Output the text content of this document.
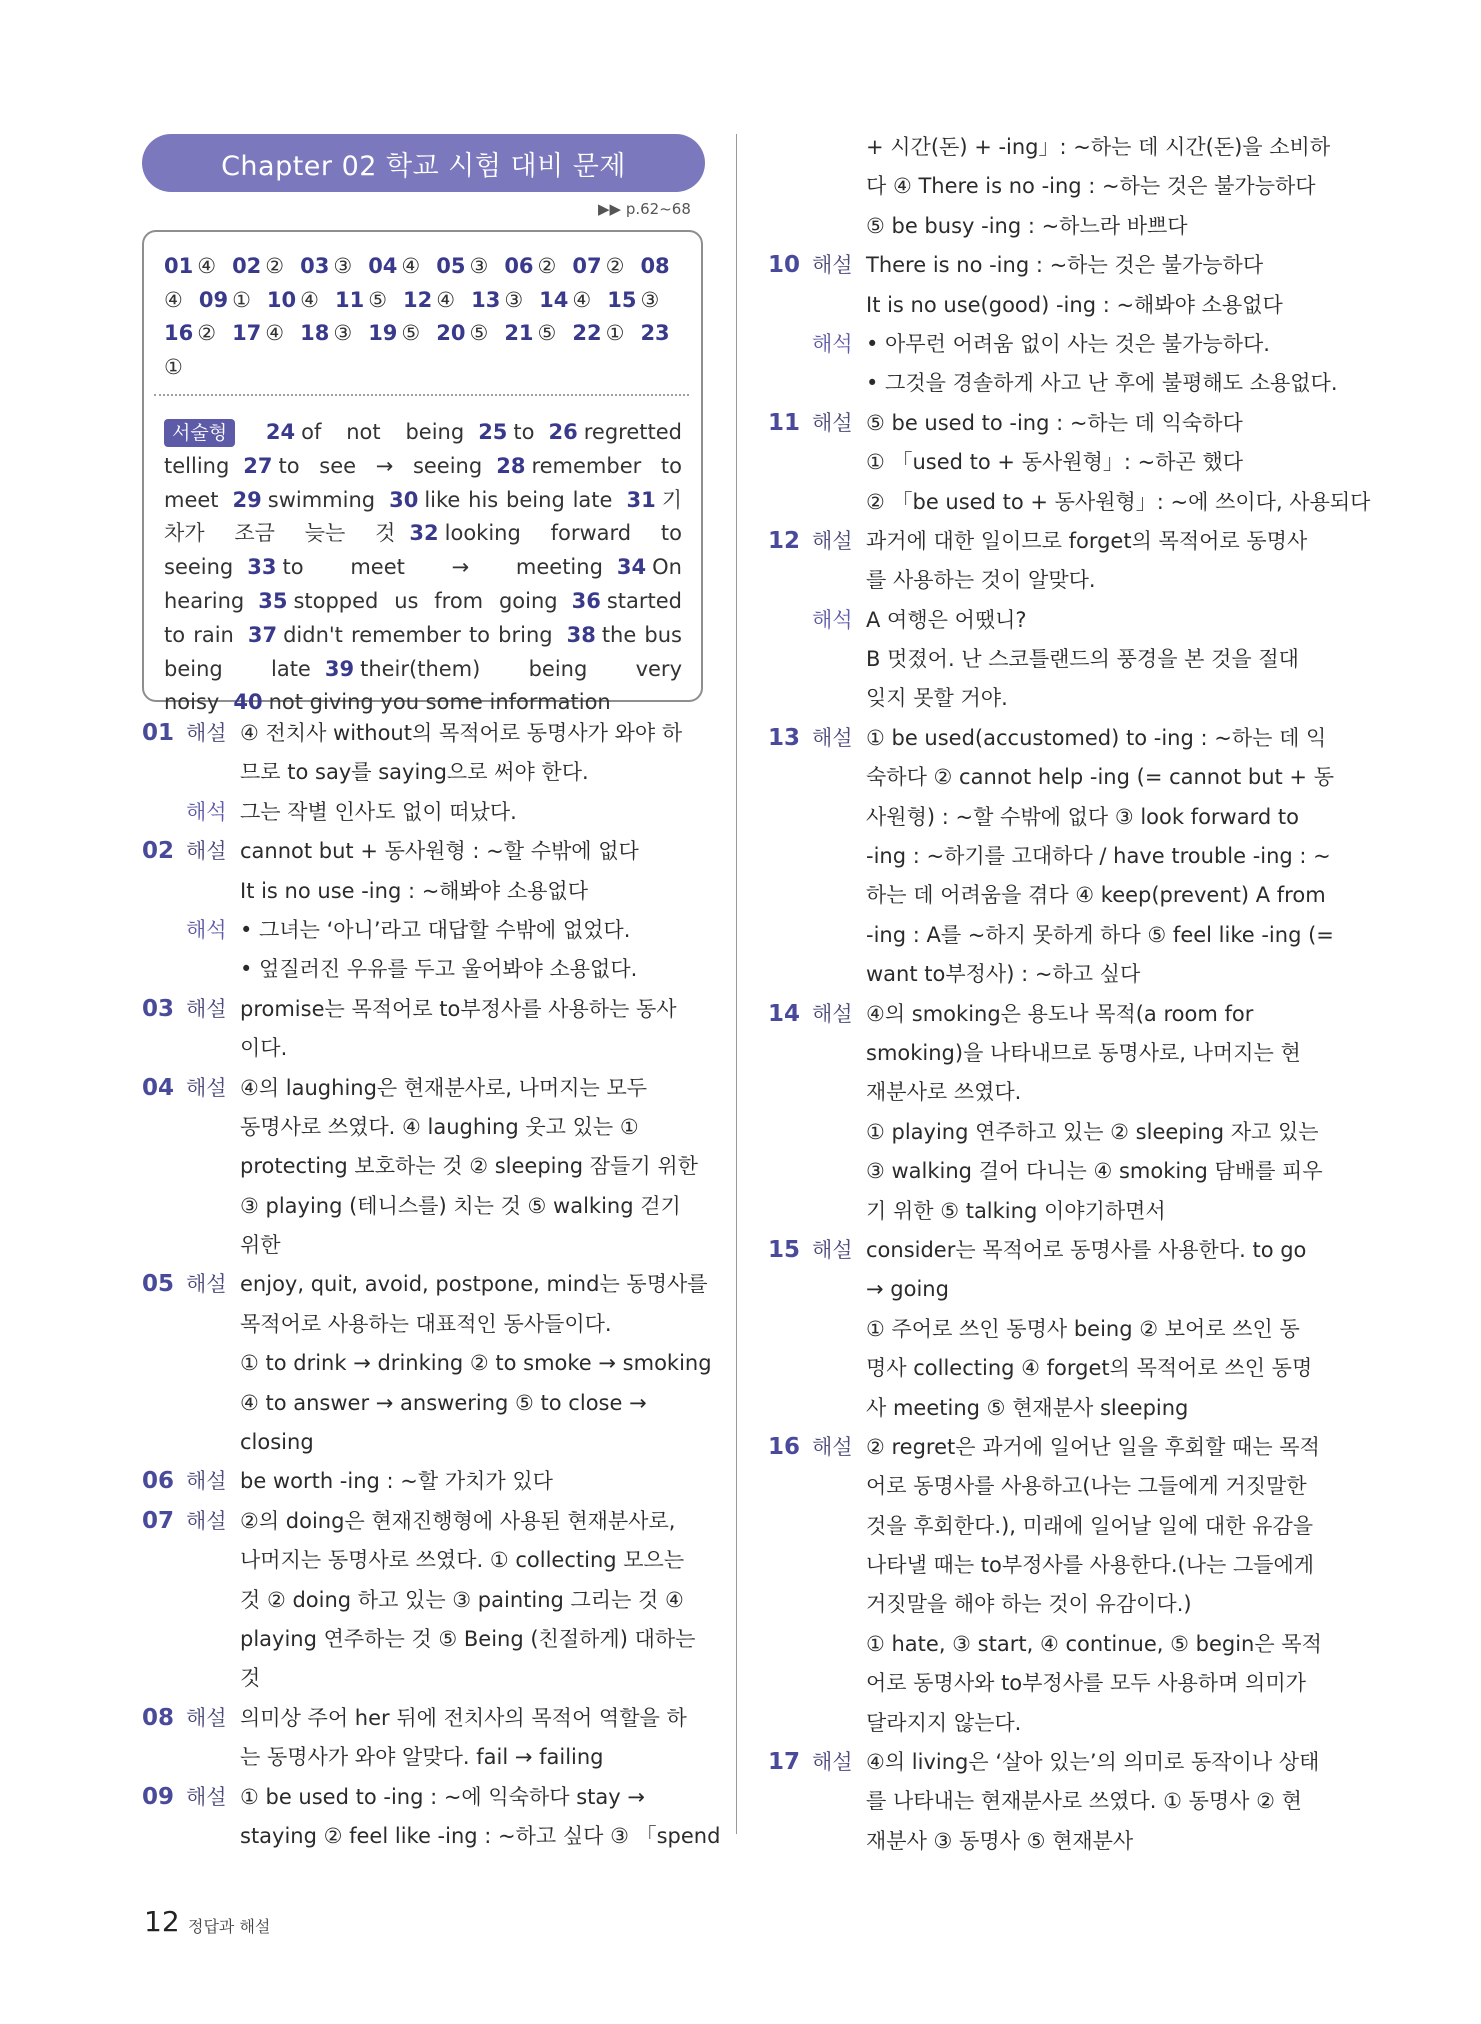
Chapter 02 학교 시험 대비 문제
▶▶ p.62~68
01 ④ 02 ② 03 ③ 04 ④ 05 ③ 06 ② 07 ② 08
④ 09 ① 10 ④ 11 ⑤ 12 ④ 13 ③ 14 ④ 15 ③
16 ② 17 ④ 18 ③ 19 ⑤ 20 ⑤ 21 ⑤ 22 ① 23
①
서술형 24 of not being 25 to 26 regretted telling 27 to see → seeing 28 remember to meet 29 swimming 30 like his being late 31 기차가 조금 늦는 것 32 looking forward to seeing 33 to meet → meeting 34 On hearing 35 stopped us from going 36 started to rain 37 didn't remember to bring 38 the bus being late 39 their(them) being very noisy 40 not giving you some information
01 해설 ④ 전치사 without의 목적어로 동명사가 와야 하
므로 to say를 saying으로 써야 한다.
해석 그는 작별 인사도 없이 떠났다.
02 해설 cannot but + 동사원형 : ~할 수밖에 없다
It is no use -ing : ~해봐야 소용없다
해석 • 그녀는 ‘아니’라고 대답할 수밖에 없었다.
• 엎질러진 우유를 두고 울어봐야 소용없다.
03 해설 promise는 목적어로 to부정사를 사용하는 동사
이다.
04 해설 ④의 laughing은 현재분사로, 나머지는 모두
동명사로 쓰였다. ④ laughing 웃고 있는 ①
protecting 보호하는 것 ② sleeping 잠들기 위한
③ playing (테니스를) 치는 것 ⑤ walking 걷기
위한
05 해설 enjoy, quit, avoid, postpone, mind는 동명사를
목적어로 사용하는 대표적인 동사들이다.
① to drink → drinking ② to smoke → smoking
④ to answer → answering ⑤ to close →
closing
06 해설 be worth -ing : ~할 가치가 있다
07 해설 ②의 doing은 현재진행형에 사용된 현재분사로,
나머지는 동명사로 쓰였다. ① collecting 모으는
것 ② doing 하고 있는 ③ painting 그리는 것 ④
playing 연주하는 것 ⑤ Being (친절하게) 대하는
것
08 해설 의미상 주어 her 뒤에 전치사의 목적어 역할을 하
는 동명사가 와야 알맞다. fail → failing
09 해설 ① be used to -ing : ~에 익숙하다 stay →
staying ② feel like -ing : ~하고 싶다 ③ 「spend
+ 시간(돈) + -ing」: ~하는 데 시간(돈)을 소비하
다 ④ There is no -ing : ~하는 것은 불가능하다
⑤ be busy -ing : ~하느라 바쁘다
10 해설 There is no -ing : ~하는 것은 불가능하다
It is no use(good) -ing : ~해봐야 소용없다
해석 • 아무런 어려움 없이 사는 것은 불가능하다.
• 그것을 경솔하게 사고 난 후에 불평해도 소용없다.
11 해설 ⑤ be used to -ing : ~하는 데 익숙하다
① 「used to + 동사원형」: ~하곤 했다
② 「be used to + 동사원형」: ~에 쓰이다, 사용되다
12 해설 과거에 대한 일이므로 forget의 목적어로 동명사
를 사용하는 것이 알맞다.
해석 A 여행은 어땠니?
B 멋졌어. 난 스코틀랜드의 풍경을 본 것을 절대
잊지 못할 거야.
13 해설 ① be used(accustomed) to -ing : ~하는 데 익
숙하다 ② cannot help -ing (= cannot but + 동
사원형) : ~할 수밖에 없다 ③ look forward to
-ing : ~하기를 고대하다 / have trouble -ing : ~
하는 데 어려움을 겪다 ④ keep(prevent) A from
-ing : A를 ~하지 못하게 하다 ⑤ feel like -ing (=
want to부정사) : ~하고 싶다
14 해설 ④의 smoking은 용도나 목적(a room for
smoking)을 나타내므로 동명사로, 나머지는 현
재분사로 쓰였다.
① playing 연주하고 있는 ② sleeping 자고 있는
③ walking 걸어 다니는 ④ smoking 담배를 피우
기 위한 ⑤ talking 이야기하면서
15 해설 consider는 목적어로 동명사를 사용한다. to go
→ going
① 주어로 쓰인 동명사 being ② 보어로 쓰인 동
명사 collecting ④ forget의 목적어로 쓰인 동명
사 meeting ⑤ 현재분사 sleeping
16 해설 ② regret은 과거에 일어난 일을 후회할 때는 목적
어로 동명사를 사용하고(나는 그들에게 거짓말한
것을 후회한다.), 미래에 일어날 일에 대한 유감을
나타낼 때는 to부정사를 사용한다.(나는 그들에게
거짓말을 해야 하는 것이 유감이다.)
① hate, ③ start, ④ continue, ⑤ begin은 목적
어로 동명사와 to부정사를 모두 사용하며 의미가
달라지지 않는다.
17 해설 ④의 living은 ‘살아 있는’의 의미로 동작이나 상태
를 나타내는 현재분사로 쓰였다. ① 동명사 ② 현
재분사 ③ 동명사 ⑤ 현재분사
12 정답과 해설
